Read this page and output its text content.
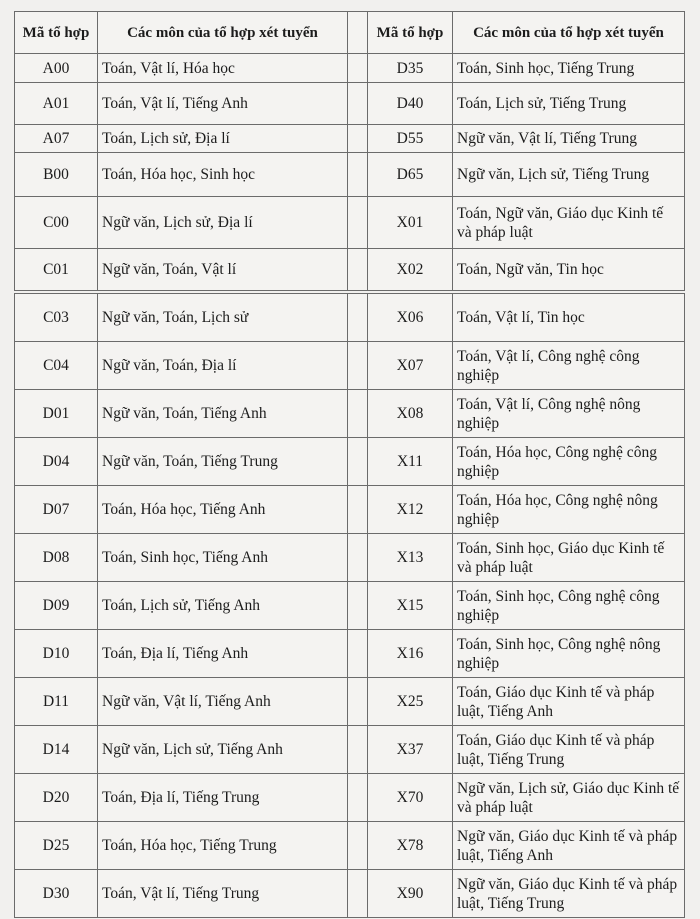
Mã tổ hợp	Các môn của tổ hợp xét tuyển		Mã tổ hợp	Các môn của tổ hợp xét tuyển
A00	Toán, Vật lí, Hóa học		D35	Toán, Sinh học, Tiếng Trung
A01	Toán, Vật lí, Tiếng Anh		D40	Toán, Lịch sử, Tiếng Trung
A07	Toán, Lịch sử, Địa lí		D55	Ngữ văn, Vật lí, Tiếng Trung
B00	Toán, Hóa học, Sinh học		D65	Ngữ văn, Lịch sử, Tiếng Trung
C00	Ngữ văn, Lịch sử, Địa lí		X01	Toán, Ngữ văn, Giáo dục Kinh tế và pháp luật
C01	Ngữ văn, Toán, Vật lí		X02	Toán, Ngữ văn, Tin học
C03	Ngữ văn, Toán, Lịch sử		X06	Toán, Vật lí, Tin học
C04	Ngữ văn, Toán, Địa lí		X07	Toán, Vật lí, Công nghệ công nghiệp
D01	Ngữ văn, Toán, Tiếng Anh		X08	Toán, Vật lí, Công nghệ nông nghiệp
D04	Ngữ văn, Toán, Tiếng Trung		X11	Toán, Hóa học, Công nghệ công nghiệp
D07	Toán, Hóa học, Tiếng Anh		X12	Toán, Hóa học, Công nghệ nông nghiệp
D08	Toán, Sinh học, Tiếng Anh		X13	Toán, Sinh học, Giáo dục Kinh tế và pháp luật
D09	Toán, Lịch sử, Tiếng Anh		X15	Toán, Sinh học, Công nghệ công nghiệp
D10	Toán, Địa lí, Tiếng Anh		X16	Toán, Sinh học, Công nghệ nông nghiệp
D11	Ngữ văn, Vật lí, Tiếng Anh		X25	Toán, Giáo dục Kinh tế và pháp luật, Tiếng Anh
D14	Ngữ văn, Lịch sử, Tiếng Anh		X37	Toán, Giáo dục Kinh tế và pháp luật, Tiếng Trung
D20	Toán, Địa lí, Tiếng Trung		X70	Ngữ văn, Lịch sử, Giáo dục Kinh tế và pháp luật
D25	Toán, Hóa học, Tiếng Trung		X78	Ngữ văn, Giáo dục Kinh tế và pháp luật, Tiếng Anh
D30	Toán, Vật lí, Tiếng Trung		X90	Ngữ văn, Giáo dục Kinh tế và pháp luật, Tiếng Trung
